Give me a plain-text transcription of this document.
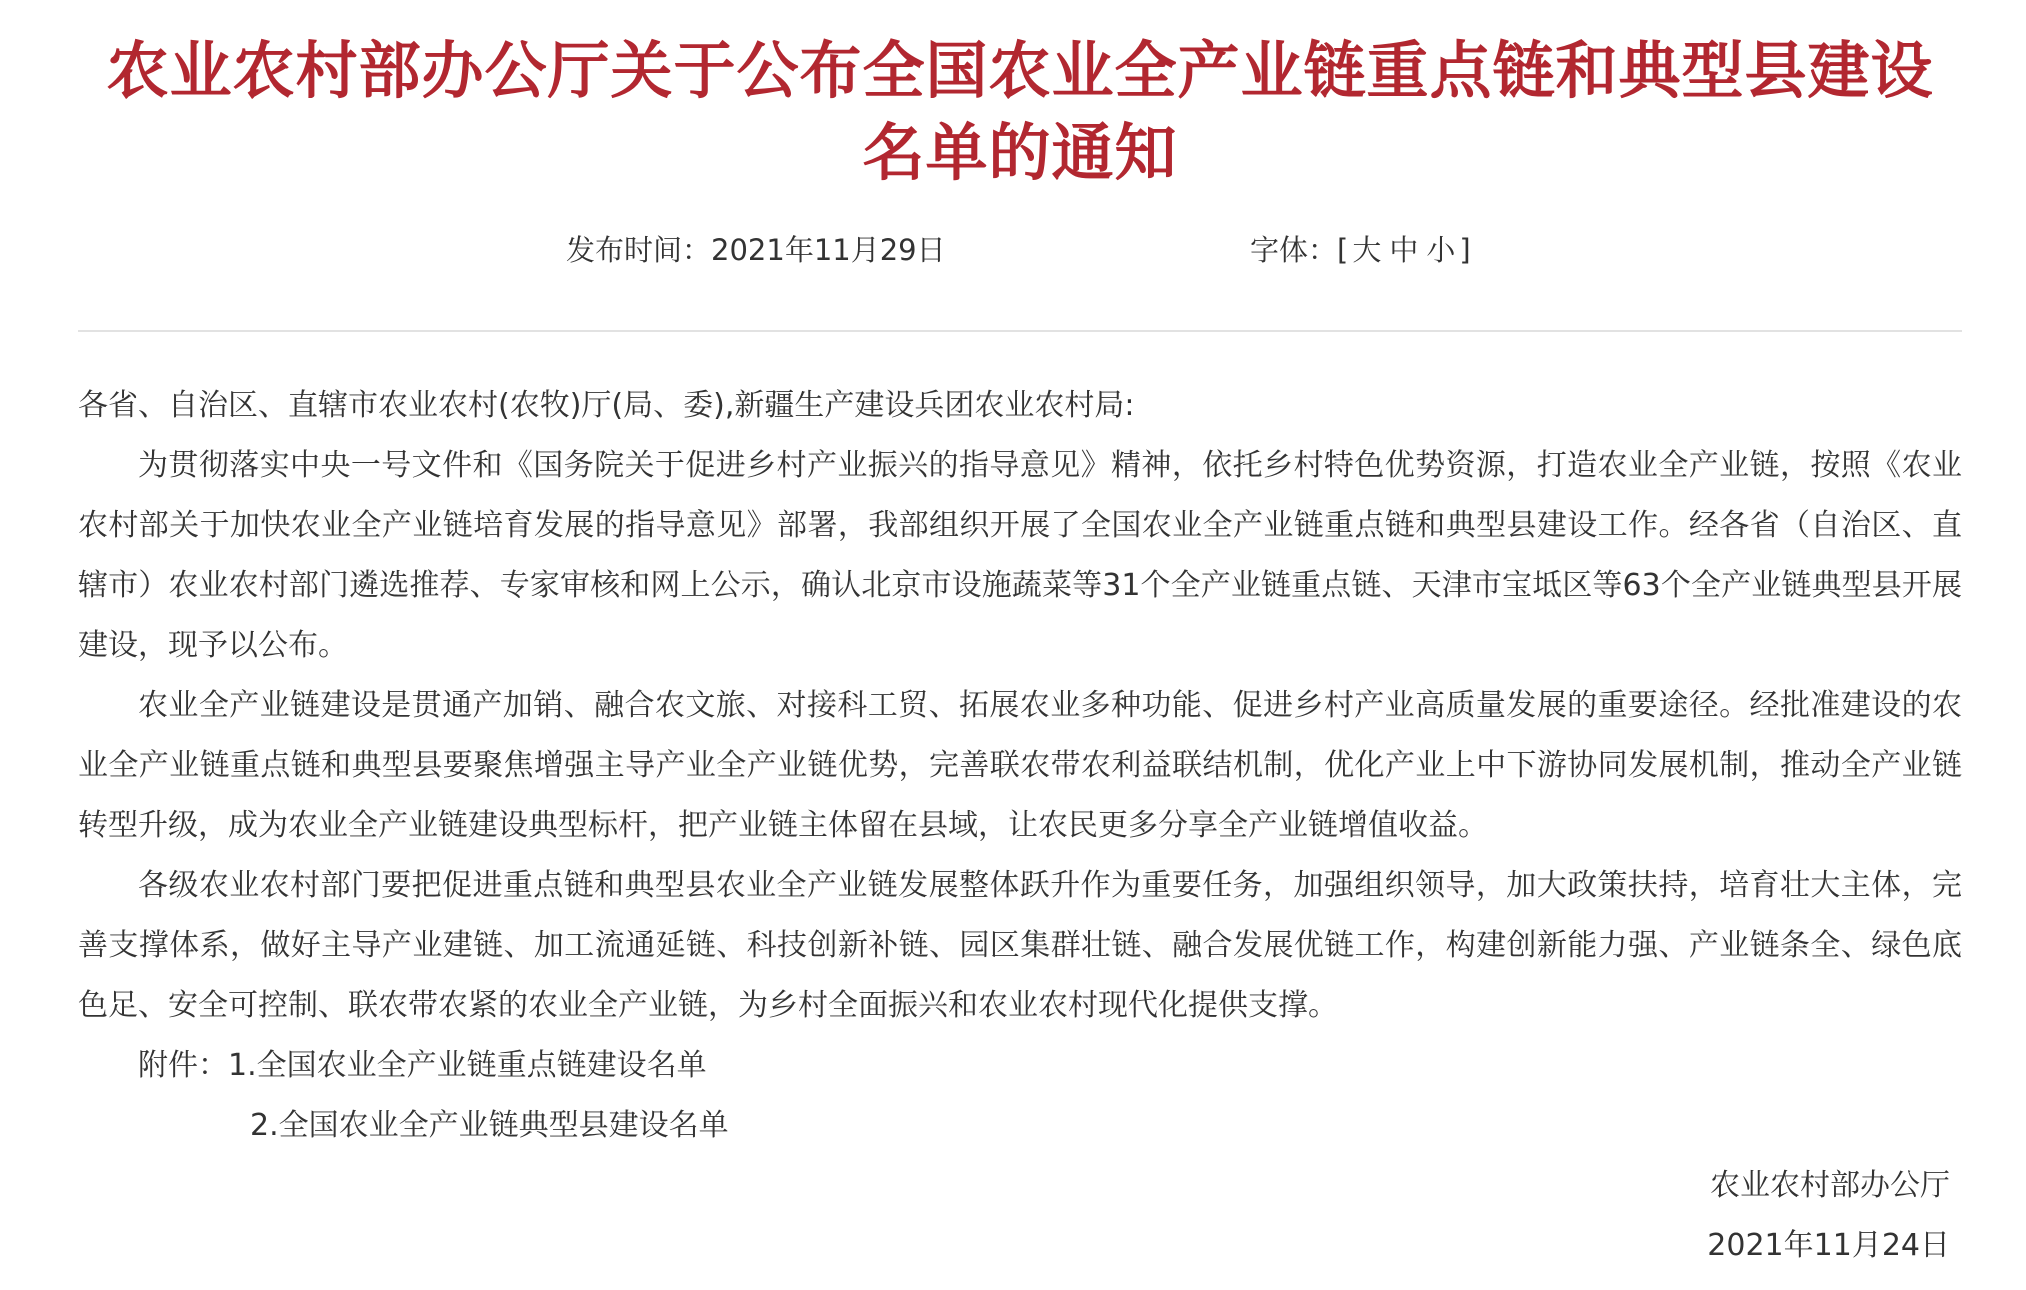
农业农村部办公厅关于公布全国农业全产业链重点链和典型县建设名单的通知
发布时间：2021年11月29日	字体：[ 大 中 小 ]

各省、自治区、直辖市农业农村(农牧)厅(局、委),新疆生产建设兵团农业农村局:

为贯彻落实中央一号文件和《国务院关于促进乡村产业振兴的指导意见》精神，依托乡村特色优势资源，打造农业全产业链，按照《农业农村部关于加快农业全产业链培育发展的指导意见》部署，我部组织开展了全国农业全产业链重点链和典型县建设工作。经各省（自治区、直辖市）农业农村部门遴选推荐、专家审核和网上公示，确认北京市设施蔬菜等31个全产业链重点链、天津市宝坻区等63个全产业链典型县开展建设，现予以公布。

农业全产业链建设是贯通产加销、融合农文旅、对接科工贸、拓展农业多种功能、促进乡村产业高质量发展的重要途径。经批准建设的农业全产业链重点链和典型县要聚焦增强主导产业全产业链优势，完善联农带农利益联结机制，优化产业上中下游协同发展机制，推动全产业链转型升级，成为农业全产业链建设典型标杆，把产业链主体留在县域，让农民更多分享全产业链增值收益。

各级农业农村部门要把促进重点链和典型县农业全产业链发展整体跃升作为重要任务，加强组织领导，加大政策扶持，培育壮大主体，完善支撑体系，做好主导产业建链、加工流通延链、科技创新补链、园区集群壮链、融合发展优链工作，构建创新能力强、产业链条全、绿色底色足、安全可控制、联农带农紧的农业全产业链，为乡村全面振兴和农业农村现代化提供支撑。

附件：1.全国农业全产业链重点链建设名单

2.全国农业全产业链典型县建设名单

农业农村部办公厅

2021年11月24日
